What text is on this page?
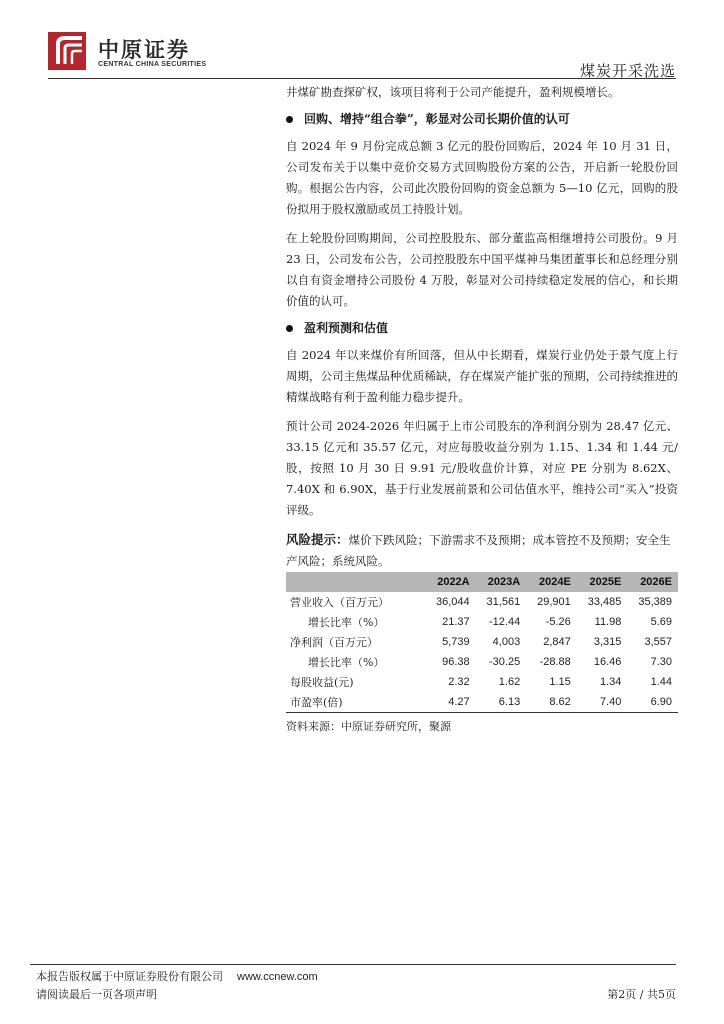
中原证券
CENTRAL CHINA SECURITIES	煤炭开采洗选

井煤矿勘查探矿权，该项目将利于公司产能提升，盈利规模增长。

回购、增持“组合拳”，彰显对公司长期价值的认可

自 2024 年 9 月份完成总额 3 亿元的股份回购后，2024 年 10 月 31 日，公司发布关于以集中竞价交易方式回购股份方案的公告，开启新一轮股份回购。根据公告内容，公司此次股份回购的资金总额为 5—10 亿元，回购的股份拟用于股权激励或员工持股计划。

在上轮股份回购期间，公司控股股东、部分董监高相继增持公司股份。9 月 23 日，公司发布公告，公司控股股东中国平煤神马集团董事长和总经理分别以自有资金增持公司股份 4 万股，彰显对公司持续稳定发展的信心，和长期价值的认可。

盈利预测和估值

自 2024 年以来煤价有所回落，但从中长期看，煤炭行业仍处于景气度上行周期，公司主焦煤品种优质稀缺，存在煤炭产能扩张的预期，公司持续推进的精煤战略有利于盈利能力稳步提升。

预计公司 2024-2026 年归属于上市公司股东的净利润分别为 28.47 亿元、33.15 亿元和 35.57 亿元，对应每股收益分别为 1.15、1.34 和 1.44 元/股，按照 10 月 30 日 9.91 元/股收盘价计算，对应 PE 分别为 8.62X、7.40X 和 6.90X，基于行业发展前景和公司估值水平，维持公司“买入”投资评级。

风险提示：煤价下跌风险；下游需求不及预期；成本管控不及预期；安全生产风险；系统风险。

	2022A	2023A	2024E	2025E	2026E
营业收入（百万元）	36,044	31,561	29,901	33,485	35,389
增长比率（%）	21.37	-12.44	-5.26	11.98	5.69
净利润（百万元）	5,739	4,003	2,847	3,315	3,557
增长比率（%）	96.38	-30.25	-28.88	16.46	7.30
每股收益(元)	2.32	1.62	1.15	1.34	1.44
市盈率(倍)	4.27	6.13	8.62	7.40	6.90
资料来源：中原证券研究所，聚源
本报告版权属于中原证券股份有限公司 www.ccnew.com
请阅读最后一页各项声明	第2页 / 共5页
